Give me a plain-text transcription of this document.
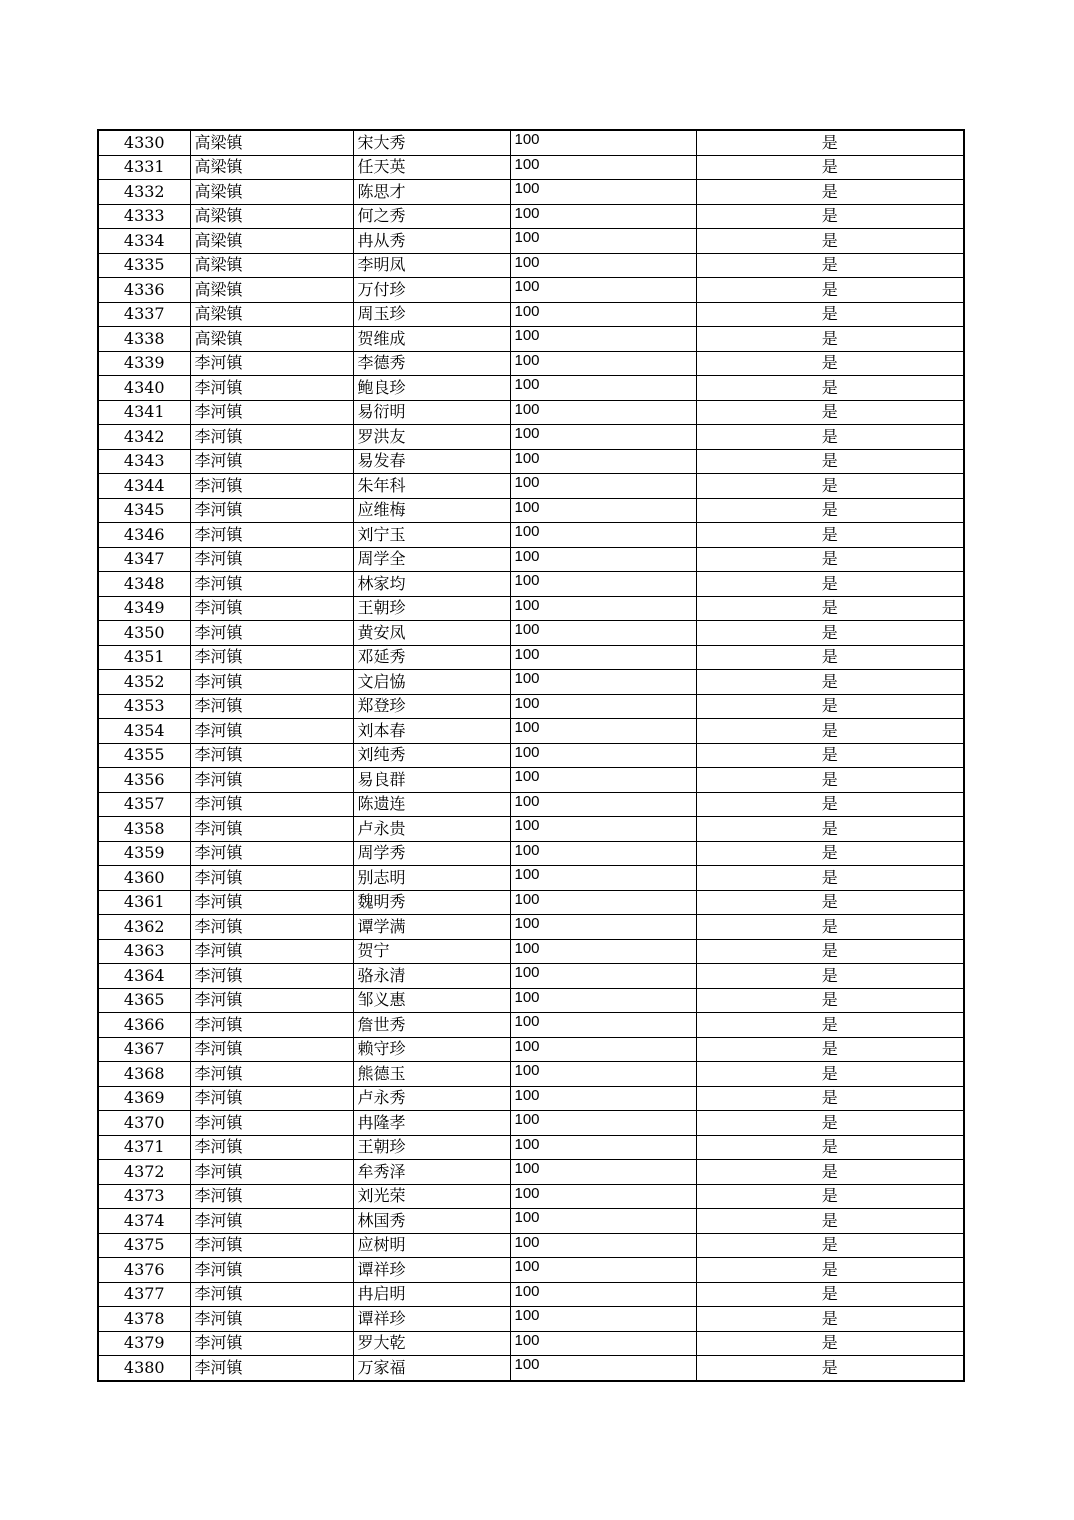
4330	高梁镇	宋大秀	100	是
4331	高梁镇	任天英	100	是
4332	高梁镇	陈思才	100	是
4333	高梁镇	何之秀	100	是
4334	高梁镇	冉从秀	100	是
4335	高梁镇	李明凤	100	是
4336	高梁镇	万付珍	100	是
4337	高梁镇	周玉珍	100	是
4338	高梁镇	贺维成	100	是
4339	李河镇	李德秀	100	是
4340	李河镇	鲍良珍	100	是
4341	李河镇	易衍明	100	是
4342	李河镇	罗洪友	100	是
4343	李河镇	易发春	100	是
4344	李河镇	朱年科	100	是
4345	李河镇	应维梅	100	是
4346	李河镇	刘宁玉	100	是
4347	李河镇	周学全	100	是
4348	李河镇	林家均	100	是
4349	李河镇	王朝珍	100	是
4350	李河镇	黄安凤	100	是
4351	李河镇	邓延秀	100	是
4352	李河镇	文启恊	100	是
4353	李河镇	郑登珍	100	是
4354	李河镇	刘本春	100	是
4355	李河镇	刘纯秀	100	是
4356	李河镇	易良群	100	是
4357	李河镇	陈遗连	100	是
4358	李河镇	卢永贵	100	是
4359	李河镇	周学秀	100	是
4360	李河镇	别志明	100	是
4361	李河镇	魏明秀	100	是
4362	李河镇	谭学满	100	是
4363	李河镇	贺宁	100	是
4364	李河镇	骆永清	100	是
4365	李河镇	邹义惠	100	是
4366	李河镇	詹世秀	100	是
4367	李河镇	赖守珍	100	是
4368	李河镇	熊德玉	100	是
4369	李河镇	卢永秀	100	是
4370	李河镇	冉隆孝	100	是
4371	李河镇	王朝珍	100	是
4372	李河镇	牟秀泽	100	是
4373	李河镇	刘光荣	100	是
4374	李河镇	林国秀	100	是
4375	李河镇	应树明	100	是
4376	李河镇	谭祥珍	100	是
4377	李河镇	冉启明	100	是
4378	李河镇	谭祥珍	100	是
4379	李河镇	罗大乾	100	是
4380	李河镇	万家福	100	是
